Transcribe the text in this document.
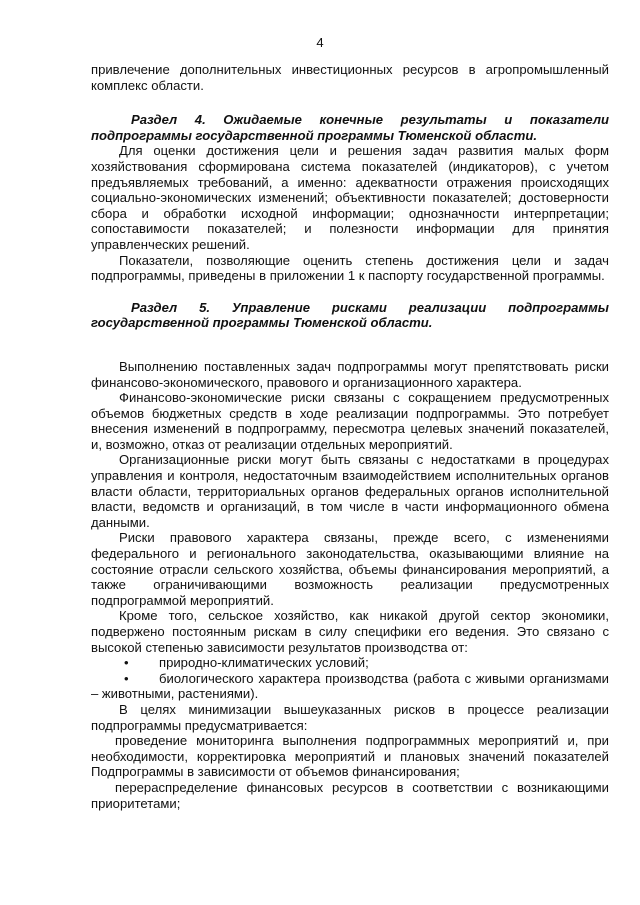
4

привлечение дополнительных инвестиционных ресурсов в агропромышленный комплекс области.

Раздел 4. Ожидаемые конечные результаты и показатели подпрограммы государственной программы Тюменской области.

Для оценки достижения цели и решения задач развития малых форм хозяйствования сформирована система показателей (индикаторов), с учетом предъявляемых требований, а именно: адекватности отражения происходящих социально-экономических изменений; объективности показателей; достоверности сбора и обработки исходной информации; однозначности интерпретации; сопоставимости показателей; и полезности информации для принятия управленческих решений.

Показатели, позволяющие оценить степень достижения цели и задач подпрограммы, приведены в приложении 1 к паспорту государственной программы.

Раздел 5. Управление рисками реализации подпрограммы государственной программы Тюменской области.

Выполнению поставленных задач подпрограммы могут препятствовать риски финансово-экономического, правового и организационного характера.

Финансово-экономические риски связаны с сокращением предусмотренных объемов бюджетных средств в ходе реализации подпрограммы. Это потребует внесения изменений в подпрограмму, пересмотра целевых значений показателей, и, возможно, отказ от реализации отдельных мероприятий.

Организационные риски могут быть связаны с недостатками в процедурах управления и контроля, недостаточным взаимодействием исполнительных органов власти области, территориальных органов федеральных органов исполнительной власти, ведомств и организаций, в том числе в части информационного обмена данными.

Риски правового характера связаны, прежде всего, с изменениями федерального и регионального законодательства, оказывающими влияние на состояние отрасли сельского хозяйства, объемы финансирования мероприятий, а также ограничивающими возможность реализации предусмотренных подпрограммой мероприятий.

Кроме того, сельское хозяйство, как никакой другой сектор экономики, подвержено постоянным рискам в силу специфики его ведения. Это связано с высокой степенью зависимости результатов производства от:

•	природно-климатических условий;
•	биологического характера производства (работа с живыми организмами – животными, растениями).

В целях минимизации вышеуказанных рисков в процессе реализации подпрограммы предусматривается:

проведение мониторинга выполнения подпрограммных мероприятий и, при необходимости, корректировка мероприятий и плановых значений показателей Подпрограммы в зависимости от объемов финансирования;

перераспределение финансовых ресурсов в соответствии с возникающими приоритетами;
